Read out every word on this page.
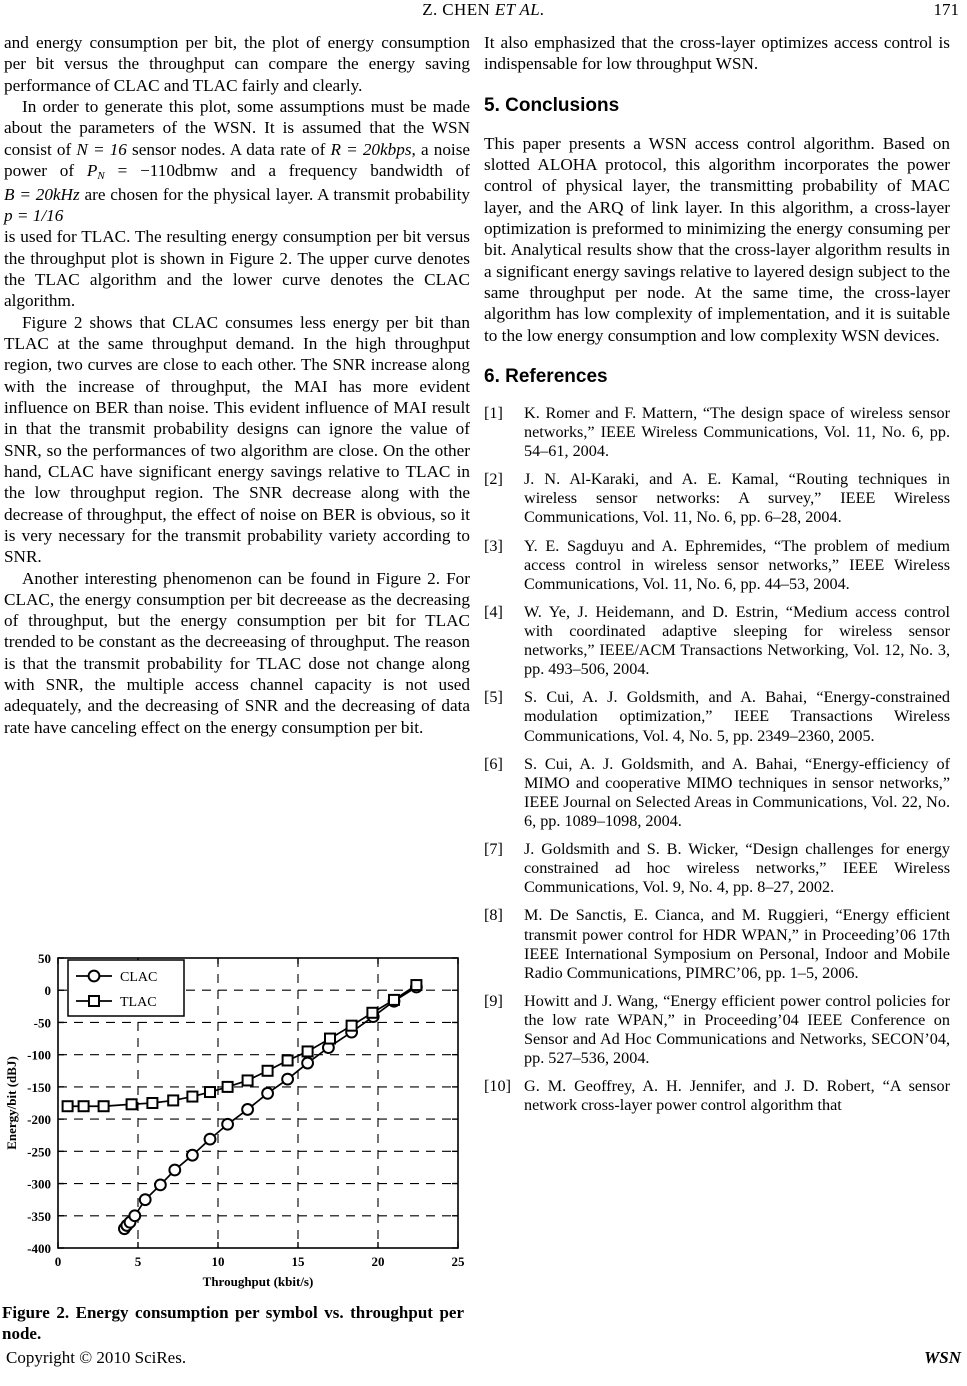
Z. CHEN ET AL.	171

and energy consumption per bit, the plot of energy consumption per bit versus the throughput can compare the energy saving performance of CLAC and TLAC fairly and clearly.

In order to generate this plot, some assumptions must be made about the parameters of the WSN. It is assumed that the WSN consist of N = 16 sensor nodes. A data rate of R = 20kbps, a noise power of $P_N$ = −110dbmw and a frequency bandwidth of B = 20kHz are chosen for the physical layer. A transmit probability p = 1/16

is used for TLAC. The resulting energy consumption per bit versus the throughput plot is shown in Figure 2. The upper curve denotes the TLAC algorithm and the lower curve denotes the CLAC algorithm.

Figure 2 shows that CLAC consumes less energy per bit than TLAC at the same throughput demand. In the high throughput region, two curves are close to each other. The SNR increase along with the increase of throughput, the MAI has more evident influence on BER than noise. This evident influence of MAI result in that the transmit probability designs can ignore the value of SNR, so the performances of two algorithm are close. On the other hand, CLAC have significant energy savings relative to TLAC in the low throughput region. The SNR decrease along with the decrease of throughput, the effect of noise on BER is obvious, so it is very necessary for the transmit probability variety according to SNR.

Another interesting phenomenon can be found in Figure 2. For CLAC, the energy consumption per bit decreease as the decreasing of throughput, but the energy consumption per bit for TLAC trended to be constant as the decreeasing of throughput. The reason is that the transmit probability for TLAC dose not change along with SNR, the multiple access channel capacity is not used adequately, and the decreasing of SNR and the decreasing of data rate have canceling effect on the energy consumption per bit.

It also emphasized that the cross-layer optimizes access control is indispensable for low throughput WSN.

5. Conclusions

This paper presents a WSN access control algorithm. Based on slotted ALOHA protocol, this algorithm incorporates the power control of physical layer, the transmitting probability of MAC layer, and the ARQ of link layer. In this algorithm, a cross-layer optimization is preformed to minimizing the energy consuming per bit. Analytical results show that the cross-layer algorithm results in a significant energy savings relative to layered design subject to the same throughput per node. At the same time, the cross-layer algorithm has low complexity of implementation, and it is suitable to the low energy consumption and low complexity WSN devices.

6. References
[1]	K. Romer and F. Mattern, “The design space of wireless sensor networks,” IEEE Wireless Communications, Vol. 11, No. 6, pp. 54–61, 2004.
[2]	J. N. Al-Karaki, and A. E. Kamal, “Routing techniques in wireless sensor networks: A survey,” IEEE Wireless Communications, Vol. 11, No. 6, pp. 6–28, 2004.
[3]	Y. E. Sagduyu and A. Ephremides, “The problem of medium access control in wireless sensor networks,” IEEE Wireless Communications, Vol. 11, No. 6, pp. 44–53, 2004.
[4]	W. Ye, J. Heidemann, and D. Estrin, “Medium access control with coordinated adaptive sleeping for wireless sensor networks,” IEEE/ACM Transactions Networking, Vol. 12, No. 3, pp. 493–506, 2004.
[5]	S. Cui, A. J. Goldsmith, and A. Bahai, “Energy-constrained modulation optimization,” IEEE Transactions Wireless Communications, Vol. 4, No. 5, pp. 2349–2360, 2005.
[6]	S. Cui, A. J. Goldsmith, and A. Bahai, “Energy-efficiency of MIMO and cooperative MIMO techniques in sensor networks,” IEEE Journal on Selected Areas in Communications, Vol. 22, No. 6, pp. 1089–1098, 2004.
[7]	J. Goldsmith and S. B. Wicker, “Design challenges for energy constrained ad hoc wireless networks,” IEEE Wireless Communications, Vol. 9, No. 4, pp. 8–27, 2002.
[8]	M. De Sanctis, E. Cianca, and M. Ruggieri, “Energy efficient transmit power control for HDR WPAN,” in Proceeding’06 17th IEEE International Symposium on Personal, Indoor and Mobile Radio Communications, PIMRC’06, pp. 1–5, 2006.
[9]	Howitt and J. Wang, “Energy efficient power control policies for the low rate WPAN,” in Proceeding’04 IEEE Conference on Sensor and Ad Hoc Communications and Networks, SECON’04, pp. 527–536, 2004.
[10] G. M. Geoffrey, A. H. Jennifer, and J. D. Robert, “A sensor network cross-layer power control algorithm that
-400
-350
-300
-250
-200
-150
-100
-50
0
50
0	5	10	15	20	25
Throughput (kbit/s)
Energy/bit (dBJ)
CLAC
TLAC
Figure 2. Energy consumption per symbol vs. throughput per node.
Copyright © 2010 SciRes.	WSN
